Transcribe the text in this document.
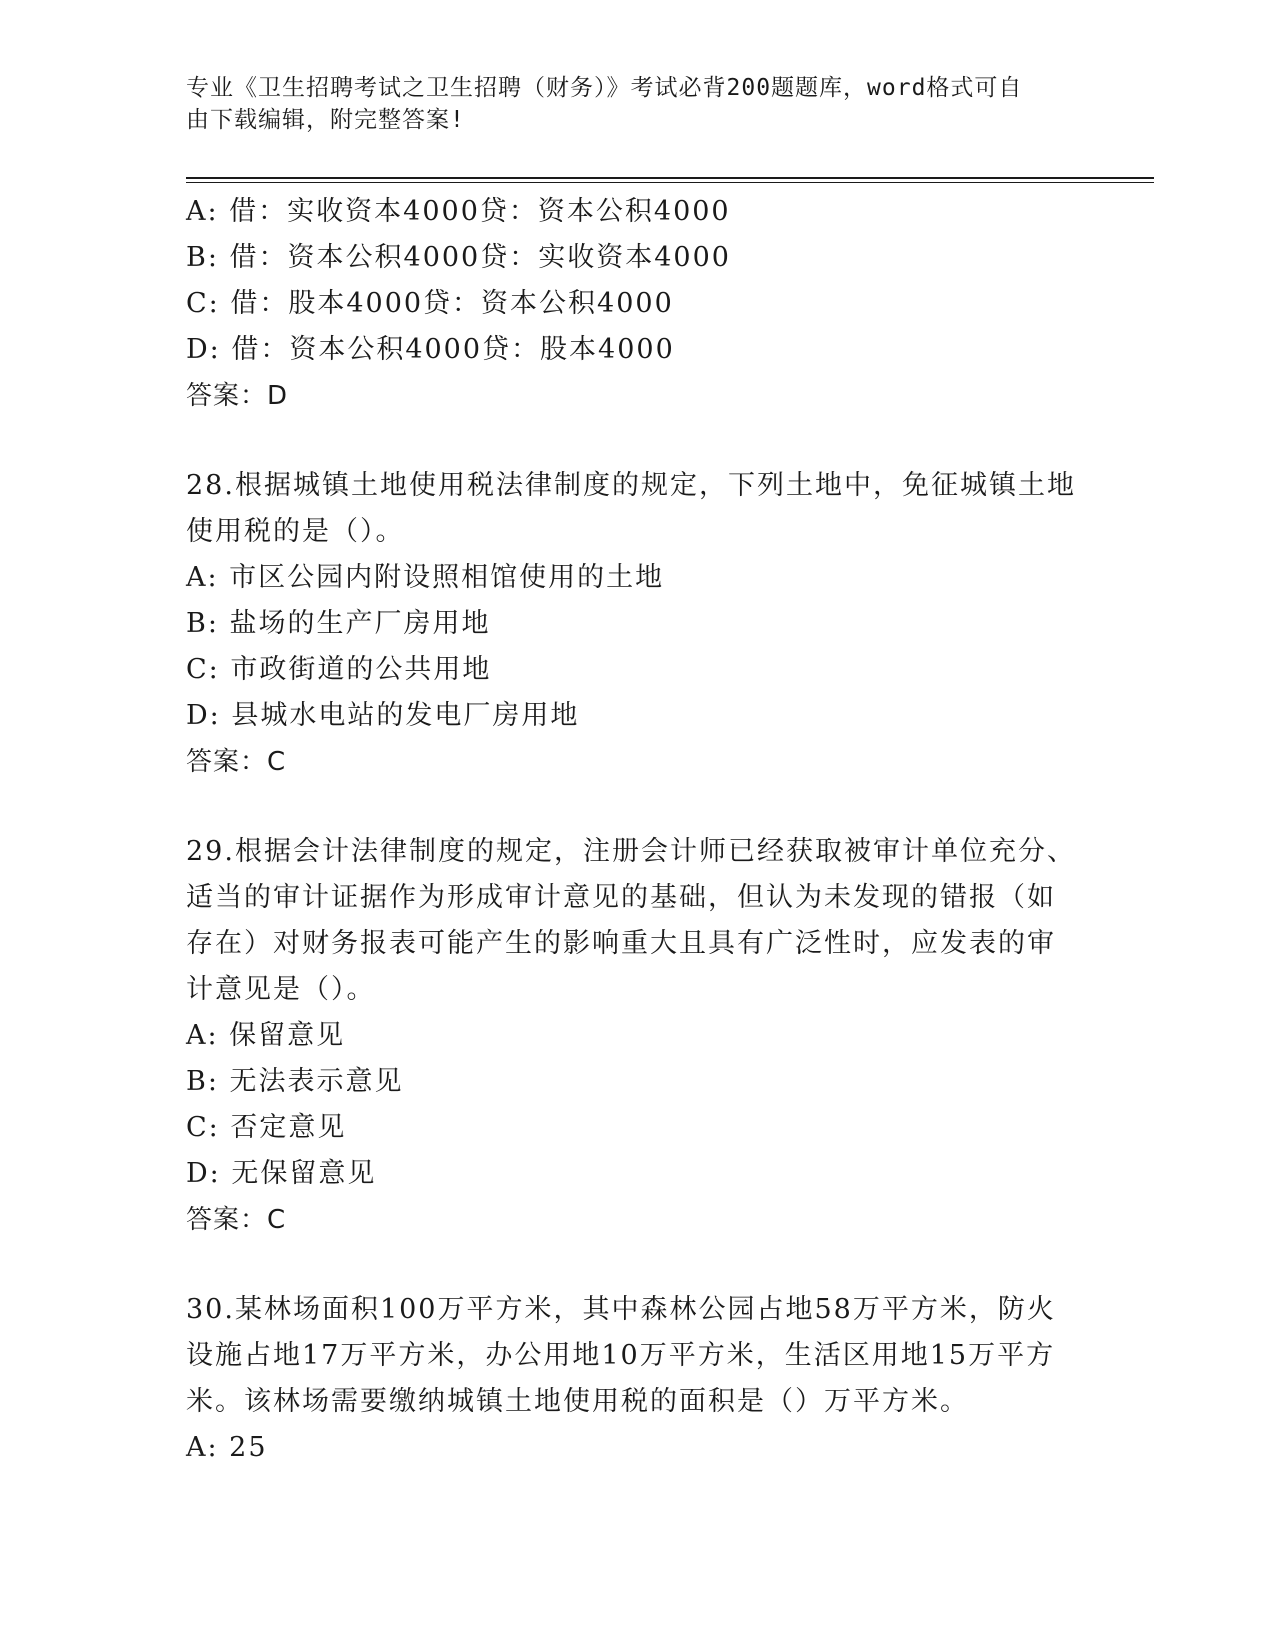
专业《卫生招聘考试之卫生招聘（财务）》考试必背200题题库，word格式可自
由下载编辑，附完整答案!
A: 借：实收资本4000贷：资本公积4000
B: 借：资本公积4000贷：实收资本4000
C: 借：股本4000贷：资本公积4000
D: 借：资本公积4000贷：股本4000
答案：D
28.根据城镇土地使用税法律制度的规定，下列土地中，免征城镇土地
使用税的是（）。
A: 市区公园内附设照相馆使用的土地
B: 盐场的生产厂房用地
C: 市政街道的公共用地
D: 县城水电站的发电厂房用地
答案：C
29.根据会计法律制度的规定，注册会计师已经获取被审计单位充分、
适当的审计证据作为形成审计意见的基础，但认为未发现的错报（如
存在）对财务报表可能产生的影响重大且具有广泛性时，应发表的审
计意见是（）。
A: 保留意见
B: 无法表示意见
C: 否定意见
D: 无保留意见
答案：C
30.某林场面积100万平方米，其中森林公园占地58万平方米，防火
设施占地17万平方米，办公用地10万平方米，生活区用地15万平方
米。该林场需要缴纳城镇土地使用税的面积是（）万平方米。
A: 25
